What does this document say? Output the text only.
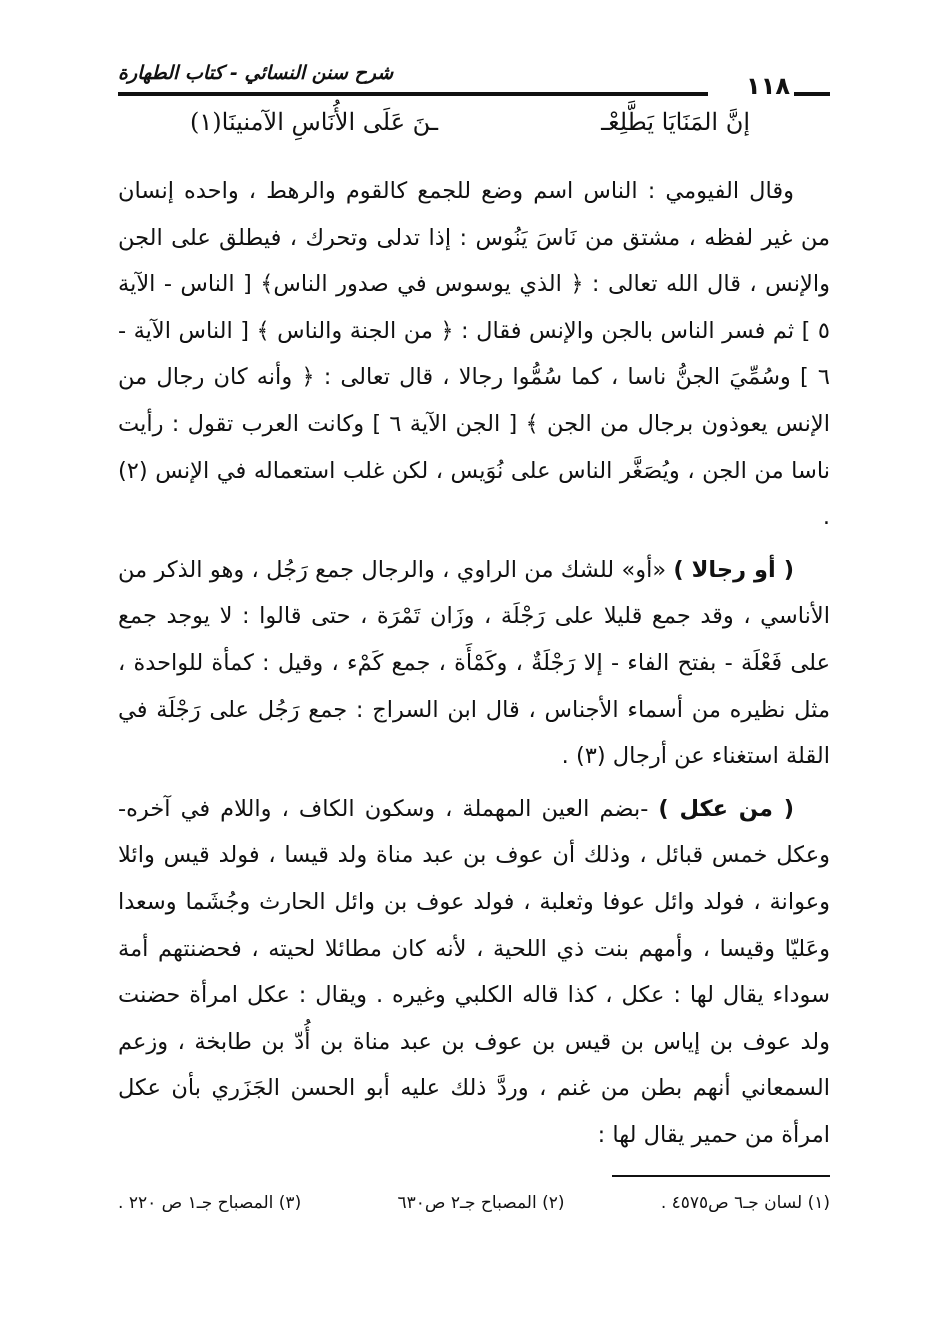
شرح سنن النسائي - كتاب الطهارة	١١٨
إنَّ المَنَايَا يَطَّلِعْـ
ـنَ عَلَى الأُنَاسِ الآمنينَا(١)

وقال الفيومي : الناس اسم وضع للجمع كالقوم والرهط ، واحده إنسان من غير لفظه ، مشتق من نَاسَ يَنُوس : إذا تدلى وتحرك ، فيطلق على الجن والإنس ، قال الله تعالى : ﴿ الذي يوسوس في صدور الناس﴾ [ الناس - الآية ٥ ] ثم فسر الناس بالجن والإنس فقال : ﴿ من الجنة والناس ﴾ [ الناس الآية - ٦ ] وسُمِّيَ الجنُّ ناسا ، كما سُمُّوا رجالا ، قال تعالى : ﴿ وأنه كان رجال من الإنس يعوذون برجال من الجن ﴾ [ الجن الآية ٦ ] وكانت العرب تقول : رأيت ناسا من الجن ، ويُصَغَّر الناس على نُوَيس ، لكن غلب استعماله في الإنس (٢) .

( أو رجالا ) «أو» للشك من الراوي ، والرجال جمع رَجُل ، وهو الذكر من الأناسي ، وقد جمع قليلا على رَجْلَة ، وزَان تَمْرَة ، حتى قالوا : لا يوجد جمع على فَعْلَة - بفتح الفاء - إلا رَجْلَةٌ ، وكَمْأَة ، جمع كَمْء ، وقيل : كمأة للواحدة ، مثل نظيره من أسماء الأجناس ، قال ابن السراج : جمع رَجُل على رَجْلَة في القلة استغناء عن أرجال (٣) .

( من عكل ) -بضم العين المهملة ، وسكون الكاف ، واللام في آخره- وعكل خمس قبائل ، وذلك أن عوف بن عبد مناة ولد قيسا ، فولد قيس وائلا وعوانة ، فولد وائل عوفا وثعلبة ، فولد عوف بن وائل الحارث وجُشَما وسعدا وعَليّا وقيسا ، وأمهم بنت ذي اللحية ، لأنه كان مطائلا لحيته ، فحضنتهم أمة سوداء يقال لها : عكل ، كذا قاله الكلبي وغيره . ويقال : عكل امرأة حضنت ولد عوف بن إياس بن قيس بن عوف بن عبد مناة بن أُدّ بن طابخة ، وزعم السمعاني أنهم بطن من غنم ، وردَّ ذلك عليه أبو الحسن الجَزَري بأن عكل امرأة من حمير يقال لها :

(١) لسان جـ٦ ص٤٥٧٥ .
(٢) المصباح جـ٢ ص٦٣٠
(٣) المصباح جـ١ ص ٢٢٠ .
